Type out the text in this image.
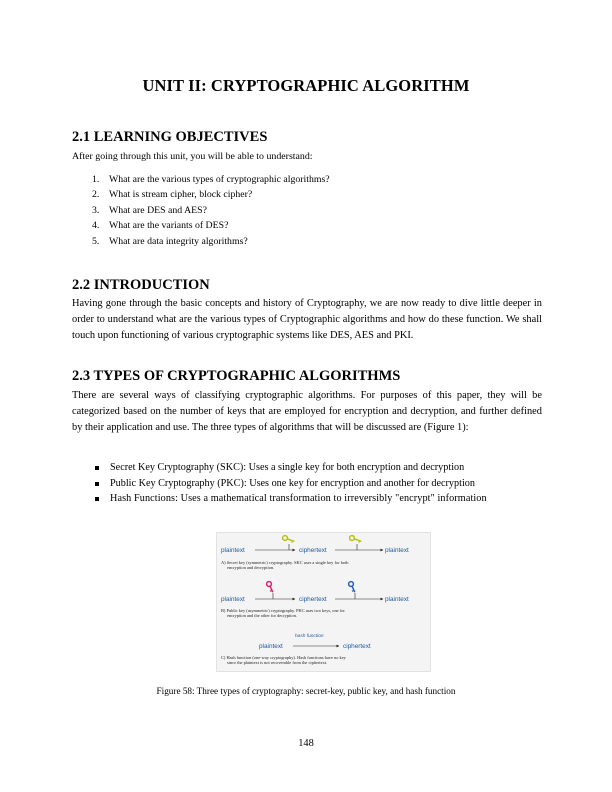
UNIT II: CRYPTOGRAPHIC ALGORITHM
2.1 LEARNING OBJECTIVES
After going through this unit, you will be able to understand:
1. What are the various types of cryptographic algorithms?
2. What is stream cipher, block cipher?
3. What are DES and AES?
4. What are the variants of DES?
5. What are data integrity algorithms?
2.2 INTRODUCTION
Having gone through the basic concepts and history of Cryptography, we are now ready to dive little deeper in order to understand what are the various types of Cryptographic algorithms and how do these function. We shall touch upon functioning of various cryptographic systems like DES, AES and PKI.
2.3 TYPES OF CRYPTOGRAPHIC ALGORITHMS
There are several ways of classifying cryptographic algorithms. For purposes of this paper, they will be categorized based on the number of keys that are employed for encryption and decryption, and further defined by their application and use. The three types of algorithms that will be discussed are (Figure 1):
Secret Key Cryptography (SKC): Uses a single key for both encryption and decryption
Public Key Cryptography (PKC): Uses one key for encryption and another for decryption
Hash Functions: Uses a mathematical transformation to irreversibly "encrypt" information
plaintext	ciphertext	plaintext
A) Secret key (symmetric) cryptography. SKC uses a single key for both
encryption and decryption.
plaintext	ciphertext	plaintext
B) Public key (asymmetric) cryptography. PKC uses two keys, one for
encryption and the other for decryption.
hash function
plaintext	ciphertext
C) Hash function (one-way cryptography). Hash functions have no key
since the plaintext is not recoverable from the ciphertext.
Figure 58: Three types of cryptography: secret-key, public key, and hash function
148
